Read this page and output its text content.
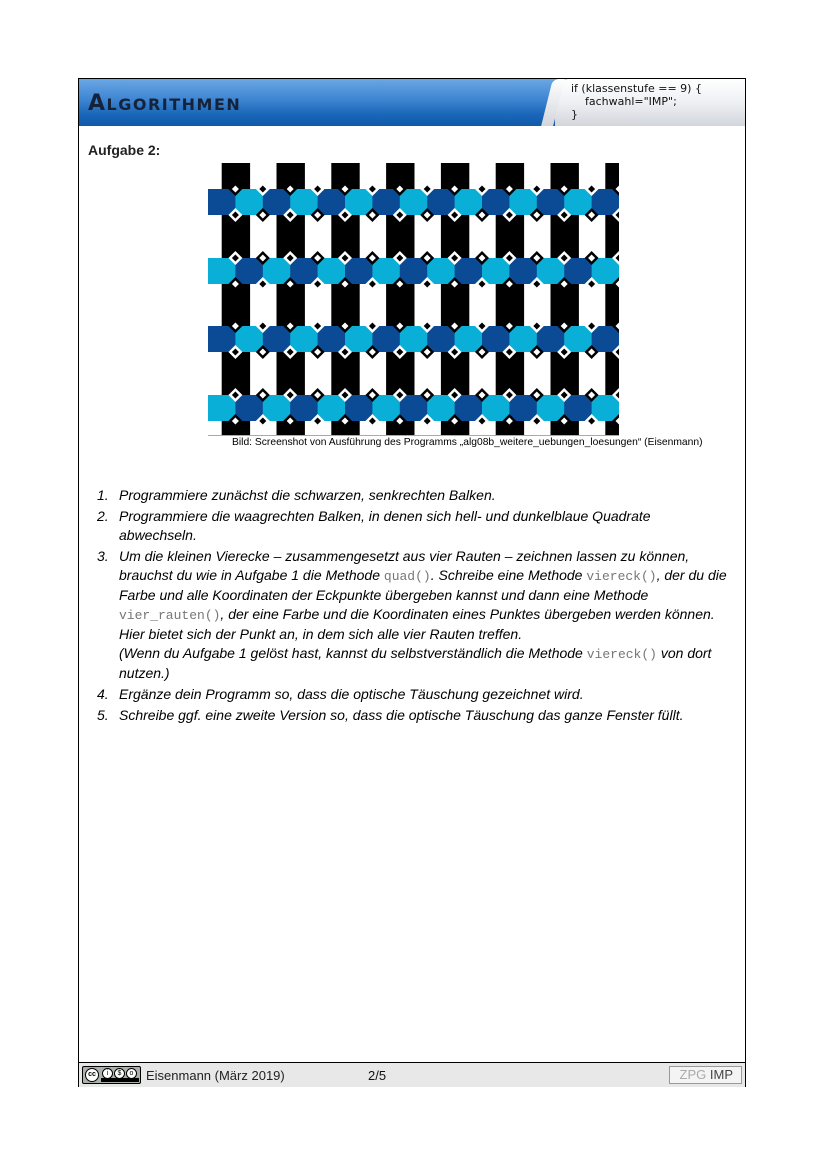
ALGORITHMEN
if (klassenstufe == 9) {
fachwahl="IMP";
}
Aufgabe 2:
Bild: Screenshot von Ausführung des Programms „alg08b_weitere_uebungen_loesungen“ (Eisenmann)
1. Programmiere zunächst die schwarzen, senkrechten Balken.
2. Programmiere die waagrechten Balken, in denen sich hell- und dunkelblaue Quadrate abwechseln.
3. Um die kleinen Vierecke – zusammengesetzt aus vier Rauten – zeichnen lassen zu können, brauchst du wie in Aufgabe 1 die Methode quad(). Schreibe eine Methode viereck(), der du die Farbe und alle Koordinaten der Eckpunkte übergeben kannst und dann eine Methode vier_rauten(), der eine Farbe und die Koordinaten eines Punktes übergeben werden können. Hier bietet sich der Punkt an, in dem sich alle vier Rauten treffen.
(Wenn du Aufgabe 1 gelöst hast, kannst du selbstverständlich die Methode viereck() von dort nutzen.)
4. Ergänze dein Programm so, dass die optische Täuschung gezeichnet wird.
5. Schreibe ggf. eine zweite Version so, dass die optische Täuschung das ganze Fenster füllt.
cc	i	$	o Eisenmann (März 2019)	2/5	ZPG IMP
